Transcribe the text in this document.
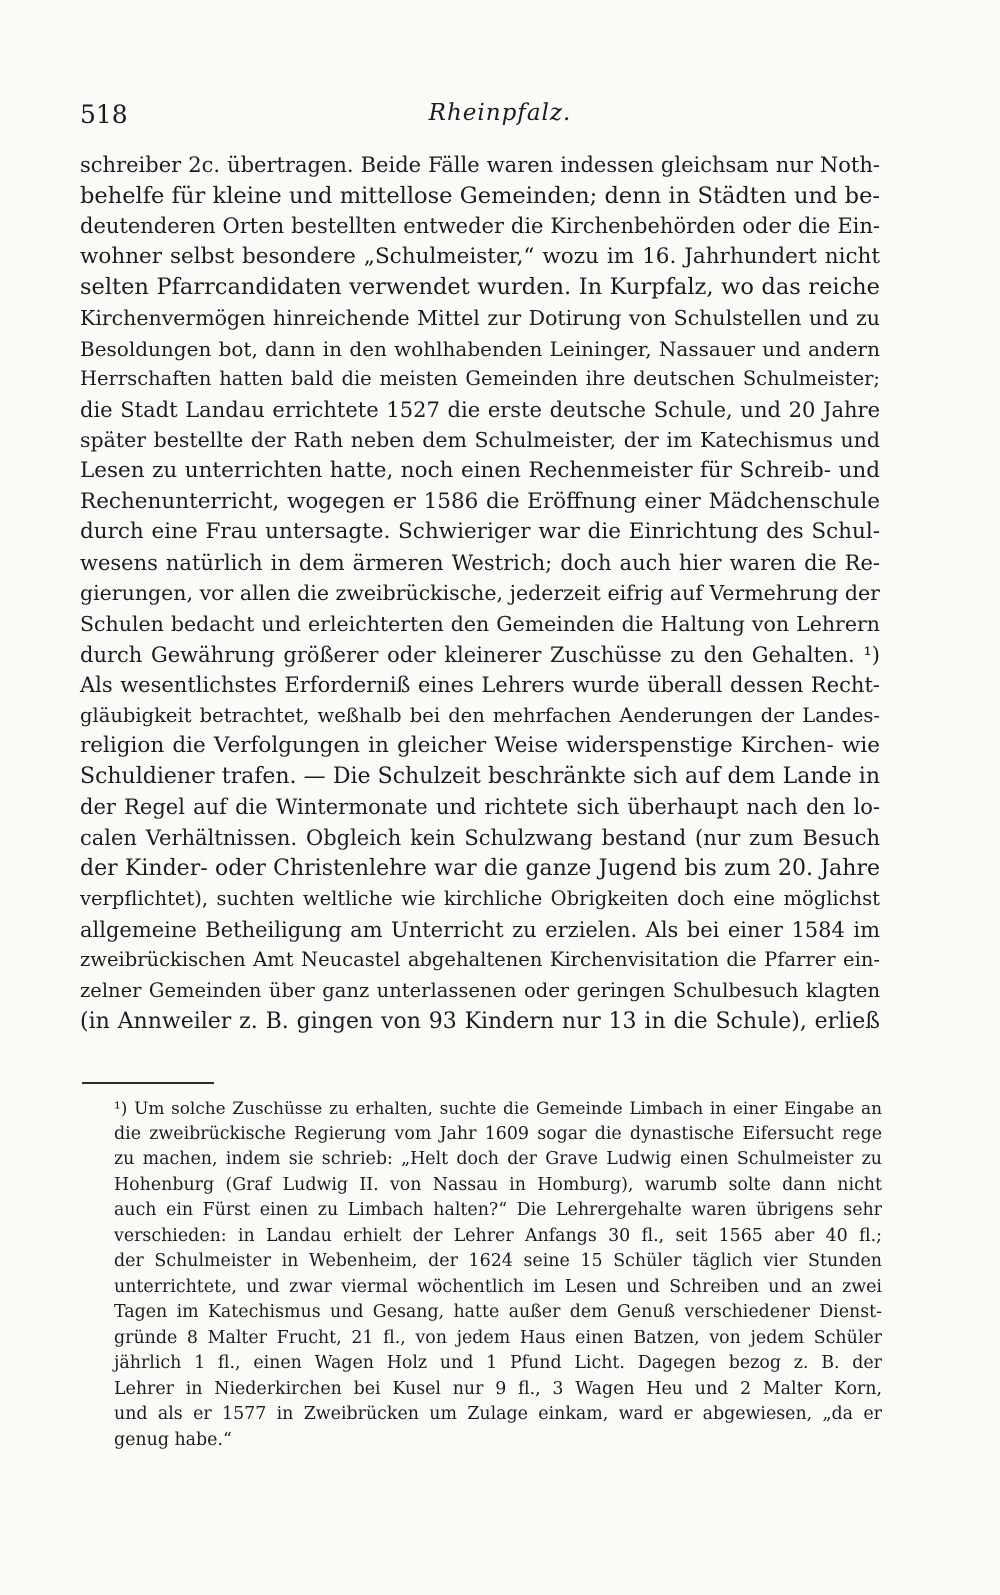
518	Rheinpfalz.
schreiber 2c. übertragen. Beide Fälle waren indessen gleichsam nur Noth-
behelfe für kleine und mittellose Gemeinden; denn in Städten und be-
deutenderen Orten bestellten entweder die Kirchenbehörden oder die Ein-
wohner selbst besondere „Schulmeister,“ wozu im 16. Jahrhundert nicht
selten Pfarrcandidaten verwendet wurden. In Kurpfalz, wo das reiche
Kirchenvermögen hinreichende Mittel zur Dotirung von Schulstellen und zu
Besoldungen bot, dann in den wohlhabenden Leininger, Nassauer und andern
Herrschaften hatten bald die meisten Gemeinden ihre deutschen Schulmeister;
die Stadt Landau errichtete 1527 die erste deutsche Schule, und 20 Jahre
später bestellte der Rath neben dem Schulmeister, der im Katechismus und
Lesen zu unterrichten hatte, noch einen Rechenmeister für Schreib- und
Rechenunterricht, wogegen er 1586 die Eröffnung einer Mädchenschule
durch eine Frau untersagte. Schwieriger war die Einrichtung des Schul-
wesens natürlich in dem ärmeren Westrich; doch auch hier waren die Re-
gierungen, vor allen die zweibrückische, jederzeit eifrig auf Vermehrung der
Schulen bedacht und erleichterten den Gemeinden die Haltung von Lehrern
durch Gewährung größerer oder kleinerer Zuschüsse zu den Gehalten. ¹)
Als wesentlichstes Erforderniß eines Lehrers wurde überall dessen Recht-
gläubigkeit betrachtet, weßhalb bei den mehrfachen Aenderungen der Landes-
religion die Verfolgungen in gleicher Weise widerspenstige Kirchen- wie
Schuldiener trafen. — Die Schulzeit beschränkte sich auf dem Lande in
der Regel auf die Wintermonate und richtete sich überhaupt nach den lo-
calen Verhältnissen. Obgleich kein Schulzwang bestand (nur zum Besuch
der Kinder- oder Christenlehre war die ganze Jugend bis zum 20. Jahre
verpflichtet), suchten weltliche wie kirchliche Obrigkeiten doch eine möglichst
allgemeine Betheiligung am Unterricht zu erzielen. Als bei einer 1584 im
zweibrückischen Amt Neucastel abgehaltenen Kirchenvisitation die Pfarrer ein-
zelner Gemeinden über ganz unterlassenen oder geringen Schulbesuch klagten
(in Annweiler z. B. gingen von 93 Kindern nur 13 in die Schule), erließ
¹) Um solche Zuschüsse zu erhalten, suchte die Gemeinde Limbach in einer Eingabe an
die zweibrückische Regierung vom Jahr 1609 sogar die dynastische Eifersucht rege
zu machen, indem sie schrieb: „Helt doch der Grave Ludwig einen Schulmeister zu
Hohenburg (Graf Ludwig II. von Nassau in Homburg), warumb solte dann nicht
auch ein Fürst einen zu Limbach halten?“ Die Lehrergehalte waren übrigens sehr
verschieden: in Landau erhielt der Lehrer Anfangs 30 fl., seit 1565 aber 40 fl.;
der Schulmeister in Webenheim, der 1624 seine 15 Schüler täglich vier Stunden
unterrichtete, und zwar viermal wöchentlich im Lesen und Schreiben und an zwei
Tagen im Katechismus und Gesang, hatte außer dem Genuß verschiedener Dienst-
gründe 8 Malter Frucht, 21 fl., von jedem Haus einen Batzen, von jedem Schüler
jährlich 1 fl., einen Wagen Holz und 1 Pfund Licht. Dagegen bezog z. B. der
Lehrer in Niederkirchen bei Kusel nur 9 fl., 3 Wagen Heu und 2 Malter Korn,
und als er 1577 in Zweibrücken um Zulage einkam, ward er abgewiesen, „da er
genug habe.“
